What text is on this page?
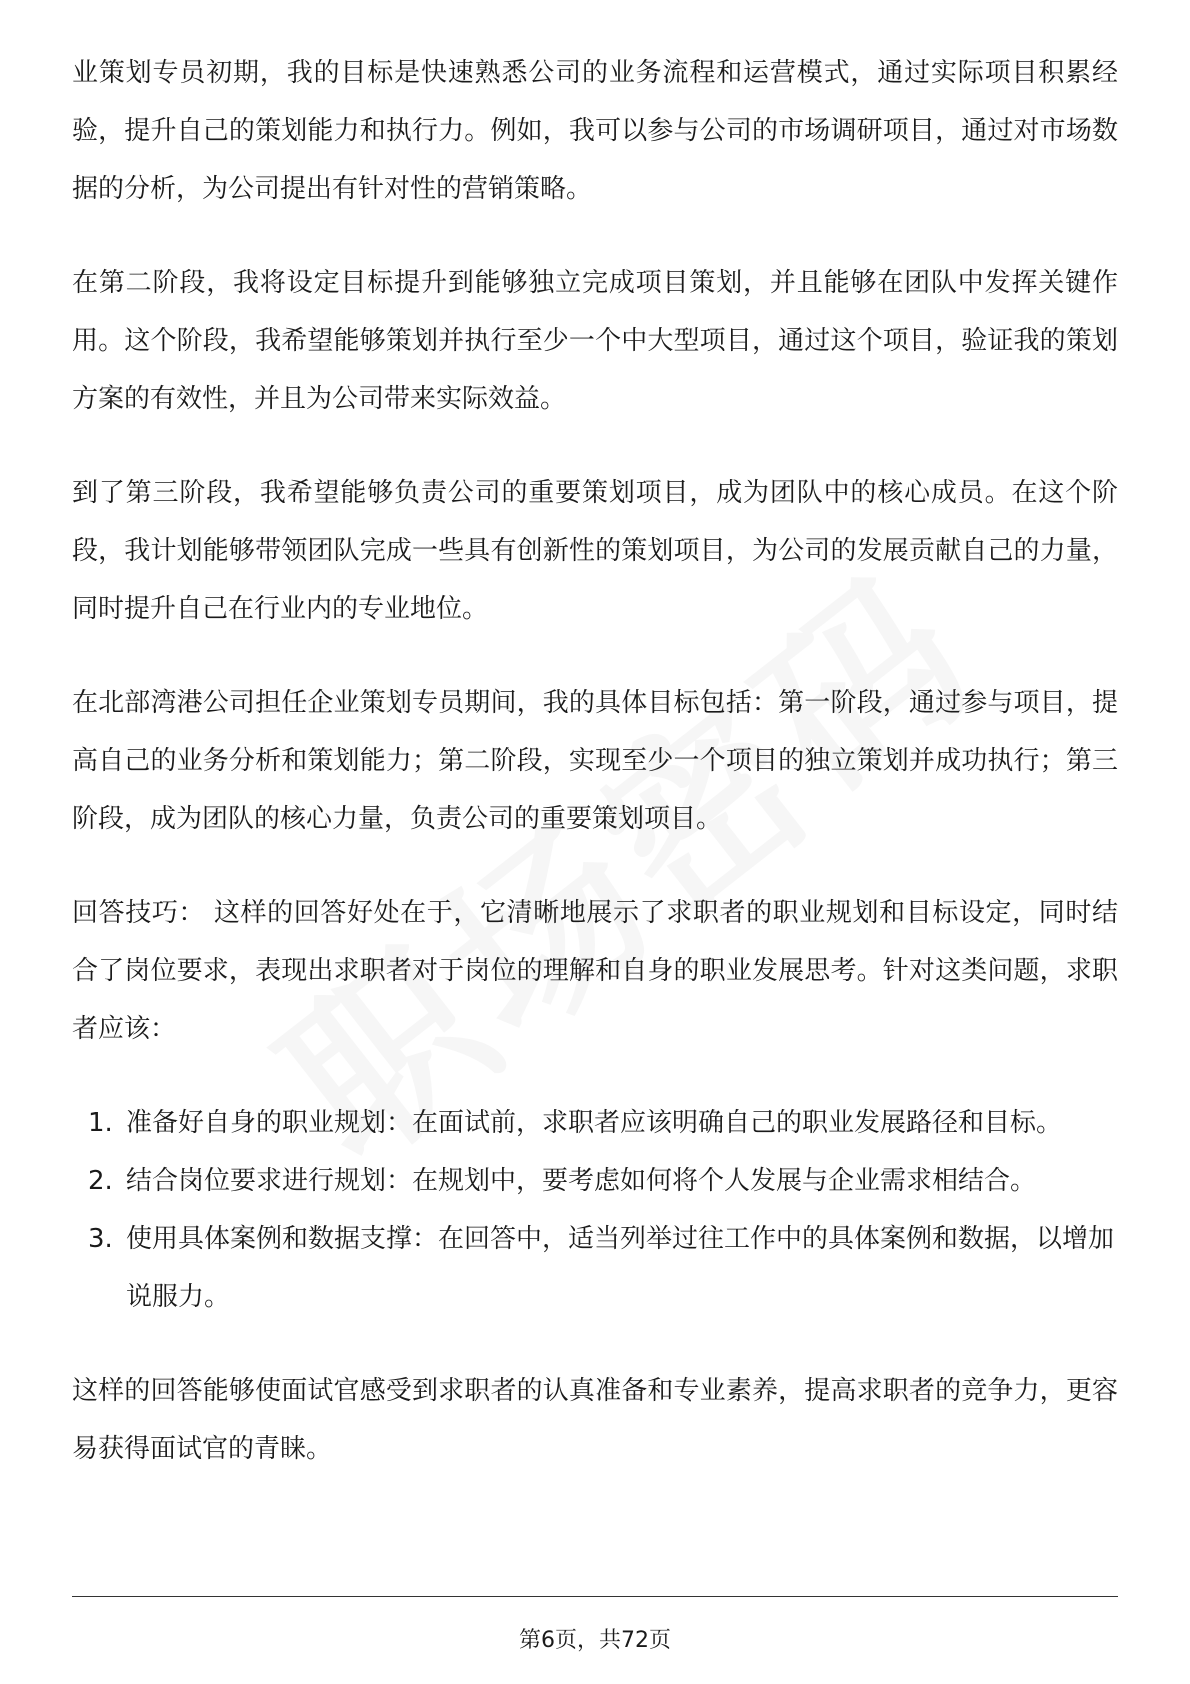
业策划专员初期，我的目标是快速熟悉公司的业务流程和运营模式，通过实际项目积累经验，提升自己的策划能力和执行力。例如，我可以参与公司的市场调研项目，通过对市场数据的分析，为公司提出有针对性的营销策略。

在第二阶段，我将设定目标提升到能够独立完成项目策划，并且能够在团队中发挥关键作用。这个阶段，我希望能够策划并执行至少一个中大型项目，通过这个项目，验证我的策划方案的有效性，并且为公司带来实际效益。

到了第三阶段，我希望能够负责公司的重要策划项目，成为团队中的核心成员。在这个阶段，我计划能够带领团队完成一些具有创新性的策划项目，为公司的发展贡献自己的力量，同时提升自己在行业内的专业地位。

在北部湾港公司担任企业策划专员期间，我的具体目标包括：第一阶段，通过参与项目，提高自己的业务分析和策划能力；第二阶段，实现至少一个项目的独立策划并成功执行；第三阶段，成为团队的核心力量，负责公司的重要策划项目。

回答技巧： 这样的回答好处在于，它清晰地展示了求职者的职业规划和目标设定，同时结合了岗位要求，表现出求职者对于岗位的理解和自身的职业发展思考。针对这类问题，求职者应该：

1. 准备好自身的职业规划：在面试前，求职者应该明确自己的职业发展路径和目标。
2. 结合岗位要求进行规划：在规划中，要考虑如何将个人发展与企业需求相结合。
3. 使用具体案例和数据支撑：在回答中，适当列举过往工作中的具体案例和数据，以增加说服力。

这样的回答能够使面试官感受到求职者的认真准备和专业素养，提高求职者的竞争力，更容易获得面试官的青睐。

第6页，共72页
